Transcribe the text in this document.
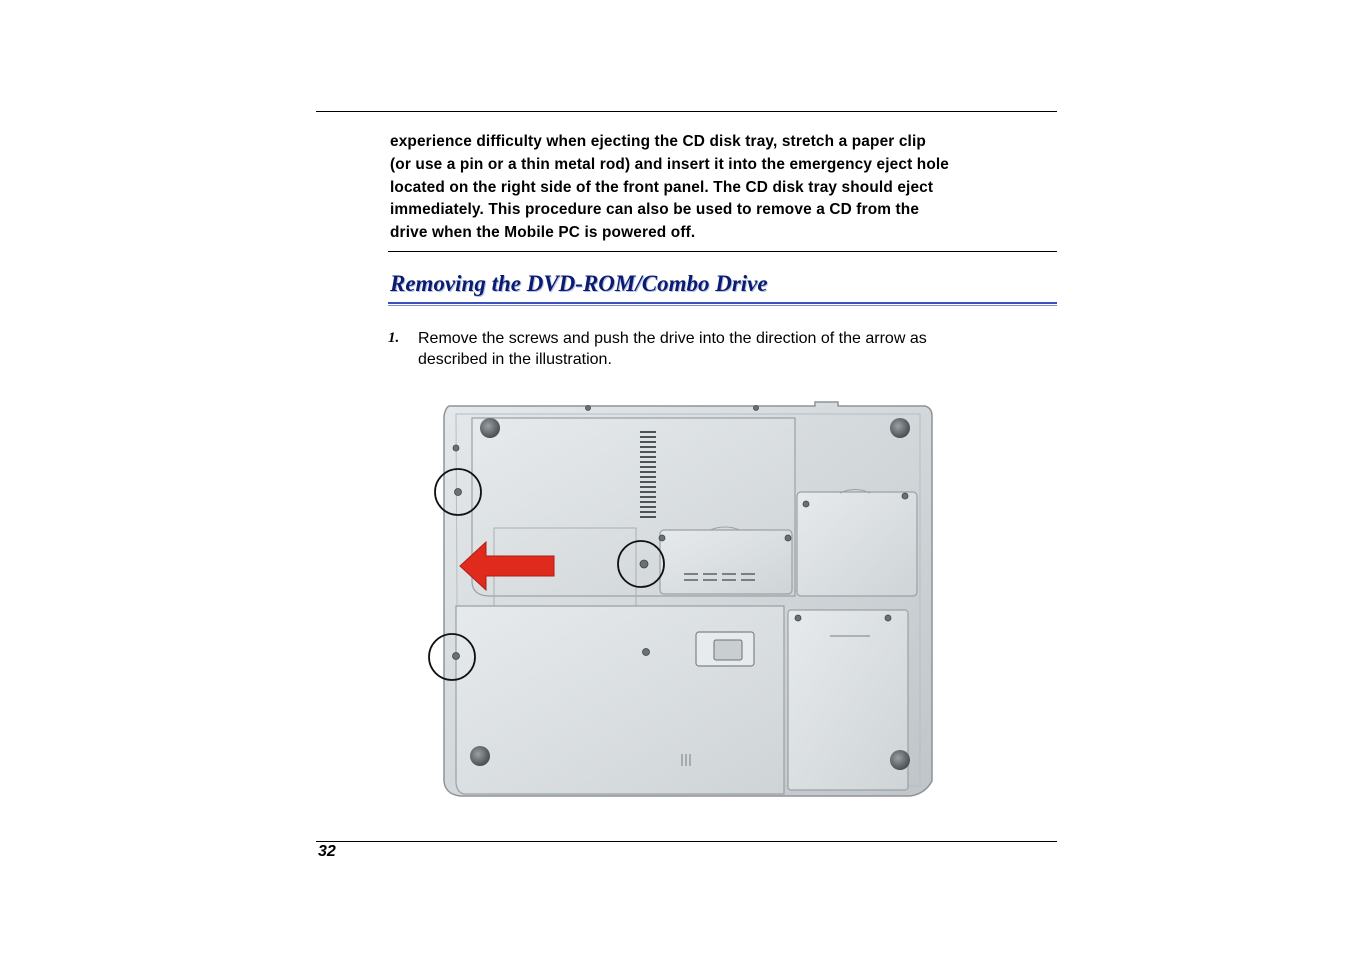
experience difficulty when ejecting the CD disk tray, stretch a paper clip
(or use a pin or a thin metal rod) and insert it into the emergency eject hole
located on the right side of the front panel. The CD disk tray should eject
immediately. This procedure can also be used to remove a CD from the
drive when the Mobile PC is powered off.
Removing the DVD-ROM/Combo Drive
1. Remove the screws and push the drive into the direction of the arrow as
described in the illustration.
32
